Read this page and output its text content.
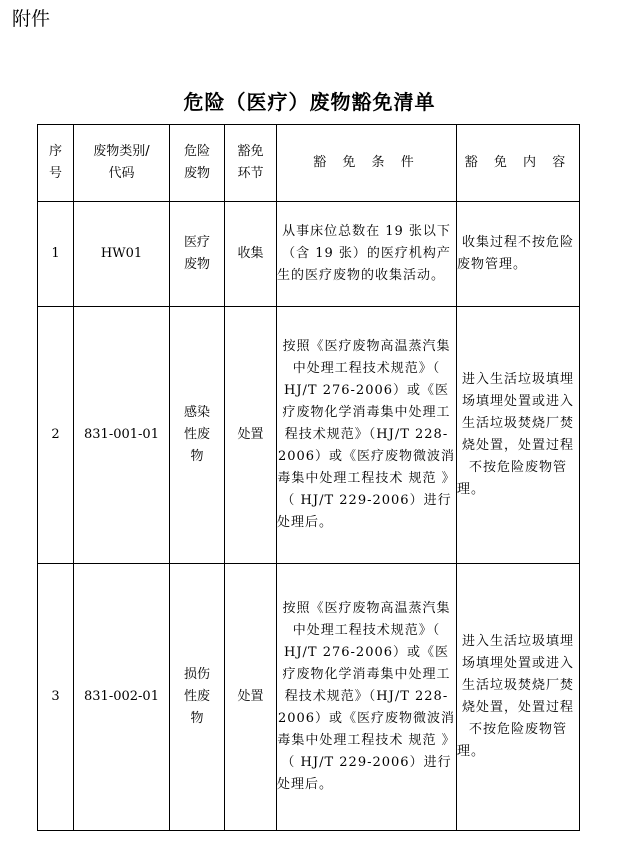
附件
危险（医疗）废物豁免清单
序号	废物类别/代码	危险废物	豁免环节	豁 免 条 件	豁 免 内 容
1	HW01	医疗废物	收集	从事床位总数在 19 张以下（含 19 张）的医疗机构产生的医疗废物的收集活动。	收集过程不按危险废物管理。
2	831-001-01	感染性废物	处置	按照《医疗废物高温蒸汽集中处理工程技术规范》（ HJ/T 276-2006）或《医疗废物化学消毒集中处理工程技术规范》（HJ/T 228-2006）或《医疗废物微波消毒集中处理工程技术 规范 》（ HJ/T 229-2006）进行处理后。	进入生活垃圾填埋场填埋处置或进入生活垃圾焚烧厂焚烧处置，处置过程不按危险废物管理。
3	831-002-01	损伤性废物	处置	按照《医疗废物高温蒸汽集中处理工程技术规范》（ HJ/T 276-2006）或《医疗废物化学消毒集中处理工程技术规范》（HJ/T 228-2006）或《医疗废物微波消毒集中处理工程技术 规范 》（ HJ/T 229-2006）进行处理后。	进入生活垃圾填埋场填埋处置或进入生活垃圾焚烧厂焚烧处置，处置过程不按危险废物管理。
